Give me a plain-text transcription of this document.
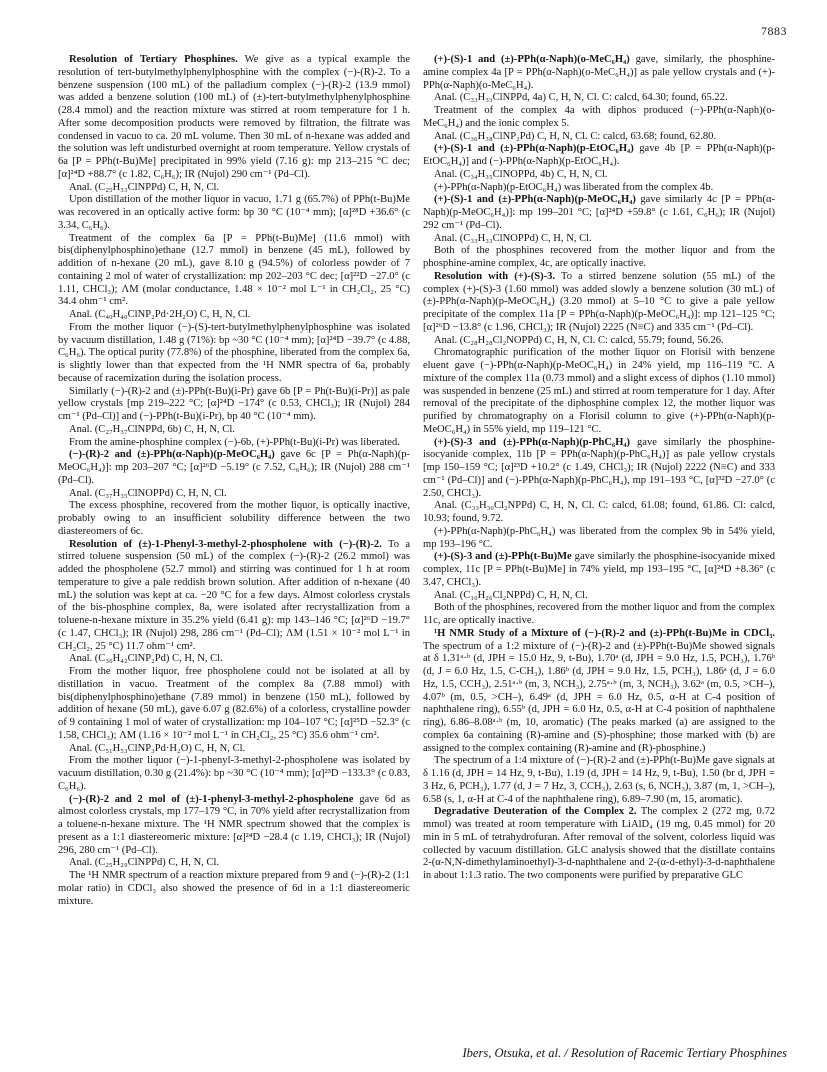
7883

Resolution of Tertiary Phosphines. We give as a typical example the resolution of tert-butylmethylphenylphosphine with the complex (−)-(R)-2. To a benzene suspension (100 mL) of the palladium complex (−)-(R)-2 (13.9 mmol) was added a benzene solution (100 mL) of (±)-tert-butylmethylphenylphosphine (28.4 mmol) and the reaction mixture was stirred at room temperature for 1 h. After some decomposition products were removed by filtration, the filtrate was condensed in vacuo to ca. 20 mL volume. Then 30 mL of n-hexane was added and the solution was left undisturbed overnight at room temperature. Yellow crystals of 6a [P = PPh(t-Bu)Me] precipitated in 99% yield (7.16 g): mp 213–215 °C dec; [α]²⁴D +88.7° (c 1.82, C₆H₆); IR (Nujol) 290 cm⁻¹ (Pd–Cl).

Anal. (C₂₅H₃₃ClNPPd) C, H, N, Cl.

Upon distillation of the mother liquor in vacuo, 1.71 g (65.7%) of PPh(t-Bu)Me was recovered in an optically active form: bp 30 °C (10⁻⁴ mm); [α]²⁸D +36.6° (c 3.34, C₆H₆).

Treatment of the complex 6a [P = PPh(t-Bu)Me] (11.6 mmol) with bis(diphenylphosphino)ethane (12.7 mmol) in benzene (45 mL), followed by addition of n-hexane (20 mL), gave 8.10 g (94.5%) of colorless powder of 7 containing 2 mol of water of crystallization: mp 202–203 °C dec; [α]²²D −27.0° (c 1.11, CHCl₃); ΛM (molar conductance, 1.48 × 10⁻² mol L⁻¹ in CH₂Cl₂, 25 °C) 34.4 ohm⁻¹ cm².

Anal. (C₄₀H₄₀ClNP₂Pd·2H₂O) C, H, N, Cl.

From the mother liquor (−)-(S)-tert-butylmethylphenylphosphine was isolated by vacuum distillation, 1.48 g (71%): bp ~30 °C (10⁻⁴ mm); [α]²⁴D −39.7° (c 4.88, C₆H₆). The optical purity (77.8%) of the phosphine, liberated from the complex 6a, is slightly lower than that expected from the ¹H NMR spectra of 6a, probably because of racemization during the isolation process.

Similarly (−)-(R)-2 and (±)-PPh(t-Bu)(i-Pr) gave 6b [P = Ph(t-Bu)(i-Pr)] as pale yellow crystals [mp 219–222 °C; [α]²⁴D −174° (c 0.53, CHCl₃); IR (Nujol) 284 cm⁻¹ (Pd–Cl)] and (−)-PPh(t-Bu)(i-Pr), bp 40 °C (10⁻⁴ mm).

Anal. (C₂₇H₃₇ClNPPd, 6b) C, H, N, Cl.

From the amine-phosphine complex (−)-6b, (+)-PPh(t-Bu)(i-Pr) was liberated.

(−)-(R)-2 and (±)-PPh(α-Naph)(p-MeOC₆H₄) gave 6c [P = Ph(α-Naph)(p-MeOC₆H₄)]: mp 203–207 °C; [α]²⁶D −5.19° (c 7.52, C₆H₆); IR (Nujol) 288 cm⁻¹ (Pd–Cl).

Anal. (C₃₇H₃₅ClNOPPd) C, H, N, Cl.

The excess phosphine, recovered from the mother liquor, is optically inactive, probably owing to an insufficient solubility difference between the two diastereomers of 6c.

Resolution of (±)-1-Phenyl-3-methyl-2-phospholene with (−)-(R)-2. To a stirred toluene suspension (50 mL) of the complex (−)-(R)-2 (26.2 mmol) was added the phospholene (52.7 mmol) and stirring was continued for 1 h at room temperature to give a pale reddish brown solution. After addition of n-hexane (40 mL) the solution was kept at ca. −20 °C for a few days. Almost colorless crystals of the bis-phosphine complex, 8a, were isolated after recrystallization from a toluene-n-hexane mixture in 35.2% yield (6.41 g): mp 143–146 °C; [α]²⁶D −19.7° (c 1.47, CHCl₃); IR (Nujol) 298, 286 cm⁻¹ (Pd–Cl); ΛM (1.51 × 10⁻² mol L⁻¹ in CH₂Cl₂, 25 °C) 11.7 ohm⁻¹ cm².

Anal. (C₃₆H₄₂ClNP₂Pd) C, H, N, Cl.

From the mother liquor, free phospholene could not be isolated at all by distillation in vacuo. Treatment of the complex 8a (7.88 mmol) with bis(diphenylphosphino)ethane (7.89 mmol) in benzene (150 mL), followed by addition of hexane (50 mL), gave 6.07 g (82.6%) of a colorless, crystalline powder of 9 containing 1 mol of water of crystallization: mp 104–107 °C; [α]²⁵D −52.3° (c 1.58, CHCl₃); ΛM (1.16 × 10⁻² mol L⁻¹ in CH₂Cl₂, 25 °C) 35.6 ohm⁻¹ cm².

Anal. (C₅₁H₅₃ClNP₃Pd·H₂O) C, H, N, Cl.

From the mother liquor (−)-1-phenyl-3-methyl-2-phospholene was isolated by vacuum distillation, 0.30 g (21.4%): bp ~30 °C (10⁻⁴ mm); [α]²³D −133.3° (c 0.83, C₆H₆).

(−)-(R)-2 and 2 mol of (±)-1-phenyl-3-methyl-2-phospholene gave 6d as almost colorless crystals, mp 177–179 °C, in 70% yield after recrystallization from a toluene-n-hexane mixture. The ¹H NMR spectrum showed that the complex is present as a 1:1 diastereomeric mixture: [α]²⁴D −28.4 (c 1.19, CHCl₃); IR (Nujol) 296, 280 cm⁻¹ (Pd–Cl).

Anal. (C₂₅H₂₉ClNPPd) C, H, N, Cl.

The ¹H NMR spectrum of a reaction mixture prepared from 9 and (−)-(R)-2 (1:1 molar ratio) in CDCl₃ also showed the presence of 6d in a 1:1 diastereomeric mixture.

(+)-(S)-1 and (±)-PPh(α-Naph)(o-MeC₆H₄) gave, similarly, the phosphine-amine complex 4a [P = PPh(α-Naph)(o-MeC₆H₄)] as pale yellow crystals and (+)-PPh(α-Naph)(o-MeC₆H₄).

Anal. (C₃₃H₃₃ClNPPd, 4a) C, H, N, Cl. C: calcd, 64.30; found, 65.22.

Treatment of the complex 4a with diphos produced (−)-PPh(α-Naph)(o-MeC₆H₄) and the ionic complex 5.

Anal. (C₃₆H₃₈ClNP₂Pd) C, H, N, Cl. C: calcd, 63.68; found, 62.80.

(+)-(S)-1 and (±)-PPh(α-Naph)(p-EtOC₆H₄) gave 4b [P = PPh(α-Naph)(p-EtOC₆H₄)] and (−)-PPh(α-Naph)(p-EtOC₆H₄).

Anal. (C₃₄H₃₅ClNOPPd, 4b) C, H, N, Cl.

(+)-PPh(α-Naph)(p-EtOC₆H₄) was liberated from the complex 4b.

(+)-(S)-1 and (±)-PPh(α-Naph)(p-MeOC₆H₄) gave similarly 4c [P = PPh(α-Naph)(p-MeOC₆H₄)]: mp 199–201 °C; [α]²⁴D +59.8° (c 1.61, C₆H₆); IR (Nujol) 292 cm⁻¹ (Pd–Cl).

Anal. (C₃₃H₃₃ClNOPPd) C, H, N, Cl.

Both of the phosphines recovered from the mother liquor and from the phosphine-amine complex, 4c, are optically inactive.

Resolution with (+)-(S)-3. To a stirred benzene solution (55 mL) of the complex (+)-(S)-3 (1.60 mmol) was added slowly a benzene solution (30 mL) of (±)-PPh(α-Naph)(p-MeOC₆H₄) (3.20 mmol) at 5–10 °C to give a pale yellow precipitate of the complex 11a [P = PPh(α-Naph)(p-MeOC₆H₄)]: mp 121–125 °C; [α]²⁶D −13.8° (c 1.96, CHCl₃); IR (Nujol) 2225 (N≡C) and 335 cm⁻¹ (Pd–Cl).

Anal. (C₂₈H₂₈Cl₂NOPPd) C, H, N, Cl. C: calcd, 55.79; found, 56.26.

Chromatographic purification of the mother liquor on Florisil with benzene eluent gave (−)-PPh(α-Naph)(p-MeOC₆H₄) in 24% yield, mp 116–119 °C. A mixture of the complex 11a (0.73 mmol) and a slight excess of diphos (1.10 mmol) was suspended in benzene (25 mL) and stirred at room temperature for 1 day. After removal of the precipitate of the diphosphine complex 12, the mother liquor was purified by chromatography on a Florisil column to give (+)-PPh(α-Naph)(p-MeOC₆H₄) in 55% yield, mp 119–121 °C.

(+)-(S)-3 and (±)-PPh(α-Naph)(p-PhC₆H₄) gave similarly the phosphine-isocyanide complex, 11b [P = PPh(α-Naph)(p-PhC₆H₄)] as pale yellow crystals [mp 150–159 °C; [α]²³D +10.2° (c 1.49, CHCl₃); IR (Nujol) 2222 (N≡C) and 333 cm⁻¹ (Pd–Cl)] and (−)-PPh(α-Naph)(p-PhC₆H₄), mp 191–193 °C, [α]³²D −27.0° (c 2.50, CHCl₃).

Anal. (C₃₃H₃₀Cl₂NPPd) C, H, N, Cl. C: calcd, 61.08; found, 61.86. Cl: calcd, 10.93; found, 9.72.

(+)-PPh(α-Naph)(p-PhC₆H₄) was liberated from the complex 9b in 54% yield, mp 193–196 °C.

(+)-(S)-3 and (±)-PPh(t-Bu)Me gave similarly the phosphine-isocyanide mixed complex, 11c [P = PPh(t-Bu)Me] in 74% yield, mp 193–195 °C, [α]²⁴D +8.36° (c 3.47, CHCl₃).

Anal. (C₁₆H₂₆Cl₂NPPd) C, H, N, Cl.

Both of the phosphines, recovered from the mother liquor and from the complex 11c, are optically inactive.

¹H NMR Study of a Mixture of (−)-(R)-2 and (±)-PPh(t-Bu)Me in CDCl₃. The spectrum of a 1:2 mixture of (−)-(R)-2 and (±)-PPh(t-Bu)Me showed signals at δ 1.31ᵃ·ᵇ (d, JPH = 15.0 Hz, 9, t-Bu), 1.70ᵃ (d, JPH = 9.0 Hz, 1.5, PCH₃), 1.76ᵇ (d, J = 6.0 Hz, 1.5, C-CH₃), 1.86ᵇ (d, JPH = 9.0 Hz, 1.5, PCH₃), 1.86ᵃ (d, J = 6.0 Hz, 1.5, CCH₃), 2.51ᵃ·ᵇ (m, 3, NCH₃), 2.75ᵃ·ᵇ (m, 3, NCH₃), 3.62ᵃ (m, 0.5, >CH–), 4.07ᵇ (m, 0.5, >CH–), 6.49ᵃ (d, JPH = 6.0 Hz, 0.5, α-H at C-4 position of naphthalene ring), 6.55ᵇ (d, JPH = 6.0 Hz, 0.5, α-H at C-4 position of naphthalene ring), 6.86–8.08ᵃ·ᵇ (m, 10, aromatic) (The peaks marked (a) are assigned to the complex 6a containing (R)-amine and (S)-phosphine; those marked with (b) are assigned to the complex containing (R)-amine and (R)-phosphine.)

The spectrum of a 1:4 mixture of (−)-(R)-2 and (±)-PPh(t-Bu)Me gave signals at δ 1.16 (d, JPH = 14 Hz, 9, t-Bu), 1.19 (d, JPH = 14 Hz, 9, t-Bu), 1.50 (br d, JPH = 3 Hz, 6, PCH₃), 1.77 (d, J = 7 Hz, 3, CCH₃), 2.63 (s, 6, NCH₃), 3.87 (m, 1, >CH–), 6.58 (s, 1, α-H at C-4 of the naphthalene ring), 6.89–7.90 (m, 15, aromatic).

Degradative Deuteration of the Complex 2. The complex 2 (272 mg, 0.72 mmol) was treated at room temperature with LiAlD₄ (19 mg, 0.45 mmol) for 20 min in 5 mL of tetrahydrofuran. After removal of the solvent, colorless liquid was collected by vacuum distillation. GLC analysis showed that the distillate contains 2-(α-N,N-dimethylaminoethyl)-3-d-naphthalene and 2-(α-d-ethyl)-3-d-naphthalene in about 1:1.3 ratio. The two components were purified by preparative GLC

Ibers, Otsuka, et al. / Resolution of Racemic Tertiary Phosphines
